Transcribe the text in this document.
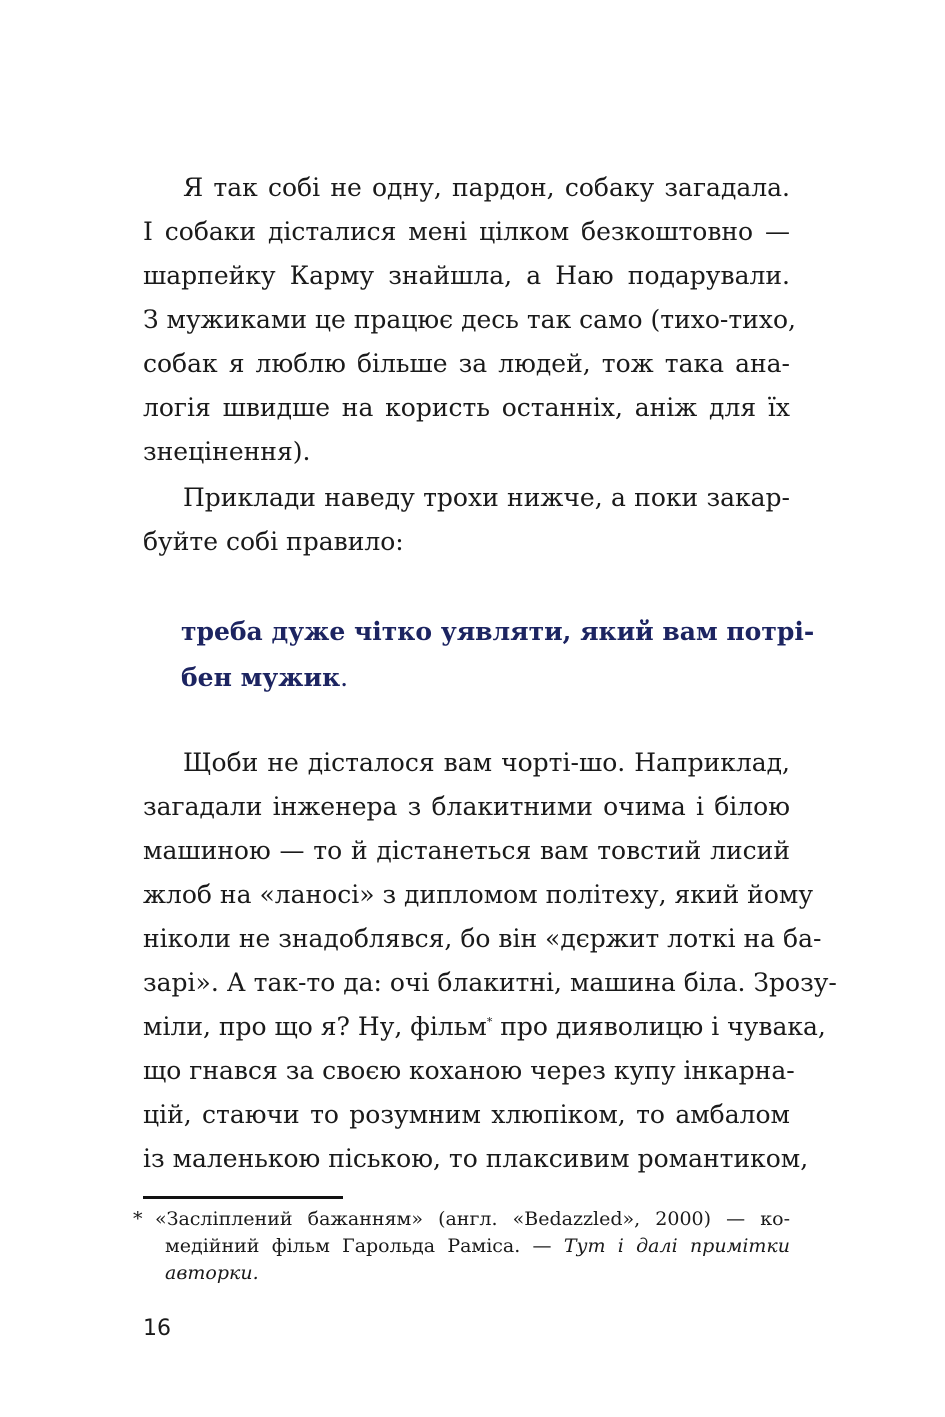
Я так собі не одну, пардон, собаку загадала.
І собаки дісталися мені цілком безкоштовно —
шарпейку Карму знайшла, а Наю подарували.
З мужиками це працює десь так само (тихо-тихо,
собак я люблю більше за людей, тож така ана-
логія швидше на користь останніх, аніж для їх
знецінення).
Приклади наведу трохи нижче, а поки закар-
буйте собі правило:
треба дуже чітко уявляти, який вам потрі-
бен мужик.
Щоби не дісталося вам чорті-шо. Наприклад,
загадали інженера з блакитними очима і білою
машиною — то й дістанеться вам товстий лисий
жлоб на «ланосі» з дипломом політеху, який йому
ніколи не знадоблявся, бо він «дєржит лоткі на ба-
зарі». А так-то да: очі блакитні, машина біла. Зрозу-
міли, про що я? Ну, фільм* про дияволицю і чувака,
що гнався за своєю коханою через купу інкарна-
цій, стаючи то розумним хлюпіком, то амбалом
із маленькою піською, то плаксивим романтиком,
* «Засліплений бажанням» (англ. «Bedazzled», 2000) — ко-
медійний фільм Гарольда Раміса. — Тут і далі примітки
авторки.
16
